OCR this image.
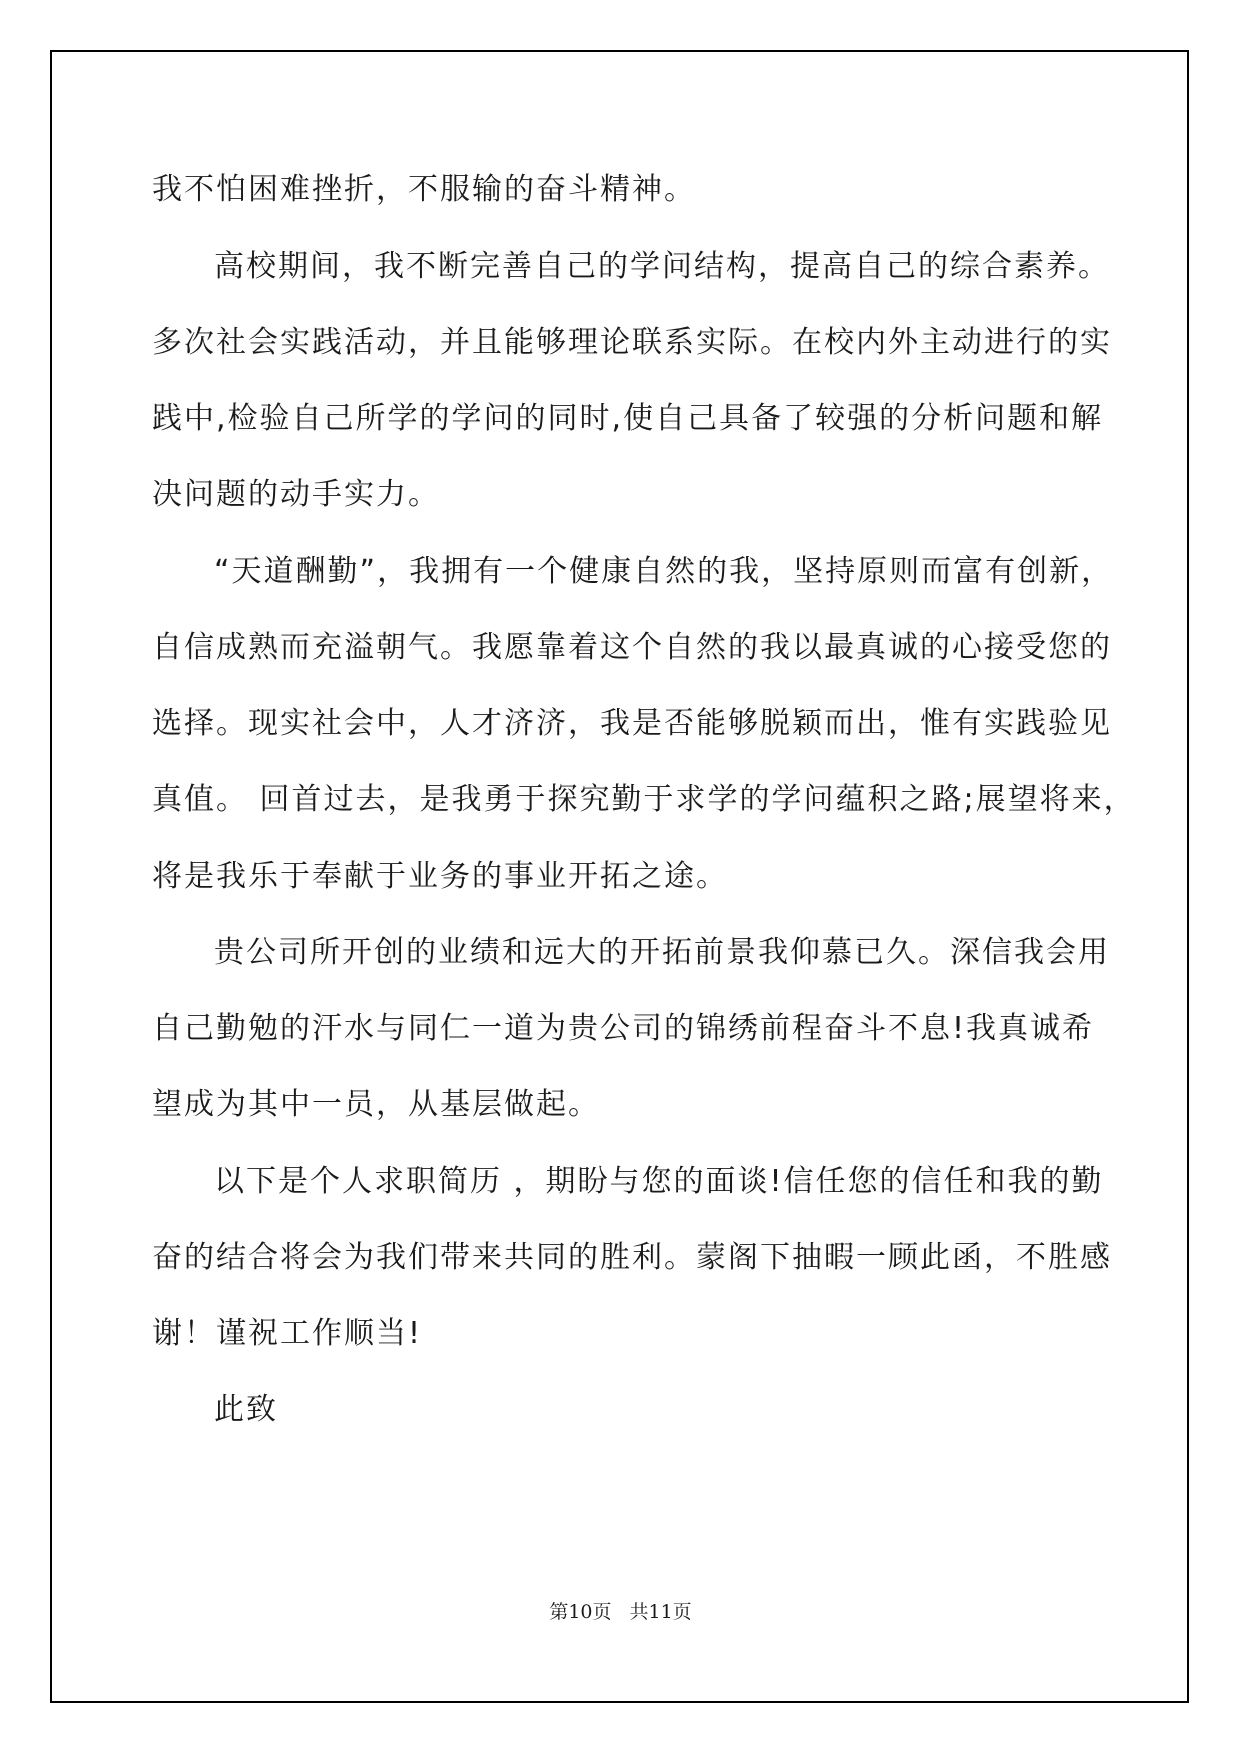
我不怕困难挫折，不服输的奋斗精神。
高校期间，我不断完善自己的学问结构，提高自己的综合素养。
多次社会实践活动，并且能够理论联系实际。在校内外主动进行的实
践中,检验自己所学的学问的同时,使自己具备了较强的分析问题和解
决问题的动手实力。
“天道酬勤”，我拥有一个健康自然的我，坚持原则而富有创新，
自信成熟而充溢朝气。我愿靠着这个自然的我以最真诚的心接受您的
选择。现实社会中，人才济济，我是否能够脱颖而出，惟有实践验见
真值。 回首过去，是我勇于探究勤于求学的学问蕴积之路;展望将来，
将是我乐于奉献于业务的事业开拓之途。
贵公司所开创的业绩和远大的开拓前景我仰慕已久。深信我会用
自己勤勉的汗水与同仁一道为贵公司的锦绣前程奋斗不息!我真诚希
望成为其中一员，从基层做起。
以下是个人求职简历 ，期盼与您的面谈!信任您的信任和我的勤
奋的结合将会为我们带来共同的胜利。蒙阁下抽暇一顾此函，不胜感
谢！谨祝工作顺当!
此致
第10页 共11页
